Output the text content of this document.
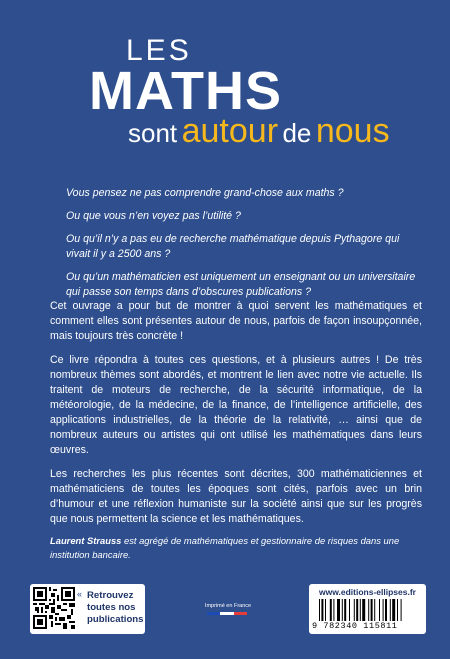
LES
MATHS
sont autour de nous

Vous pensez ne pas comprendre grand-chose aux maths ?

Ou que vous n’en voyez pas l’utilité ?

Ou qu’il n’y a pas eu de recherche mathématique depuis Pythagore qui vivait il y a 2500 ans ?

Ou qu’un mathématicien est uniquement un enseignant ou un universitaire qui passe son temps dans d’obscures publications ?

Cet ouvrage a pour but de montrer à quoi servent les mathématiques et comment elles sont présentes autour de nous, parfois de façon insoupçonnée, mais toujours très concrète !

Ce livre répondra à toutes ces questions, et à plusieurs autres ! De très nombreux thèmes sont abordés, et montrent le lien avec notre vie actuelle. Ils traitent de moteurs de recherche, de la sécurité informatique, de la météorologie, de la médecine, de la finance, de l’intelligence artificielle, des applications industrielles, de la théorie de la relativité, … ainsi que de nombreux auteurs ou artistes qui ont utilisé les mathématiques dans leurs œuvres.

Les recherches les plus récentes sont décrites, 300 mathématiciennes et mathématiciens de toutes les époques sont cités, parfois avec un brin d’humour et une réflexion humaniste sur la société ainsi que sur les progrès que nous permettent la science et les mathématiques.

Laurent Strauss est agrégé de mathématiques et gestionnaire de risques dans une institution bancaire.
« Retrouvez toutes nos publications
Imprimé en France
www.editions-ellipses.fr
9 782340 115811
